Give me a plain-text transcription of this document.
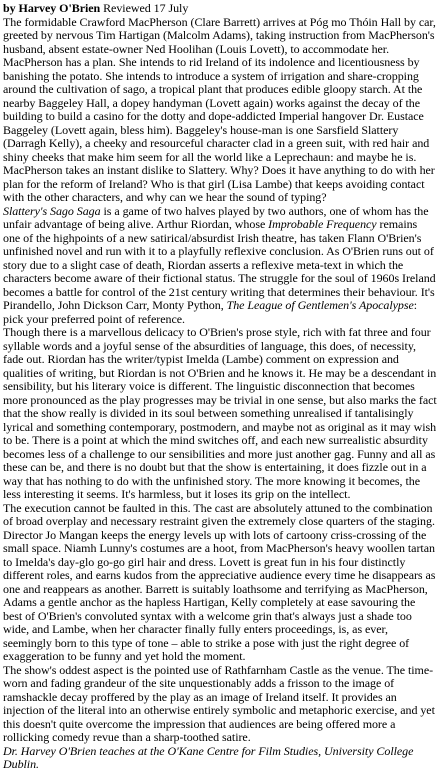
by Harvey O'Brien Reviewed 17 July

The formidable Crawford MacPherson (Clare Barrett) arrives at Póg mo Thóin Hall by car, greeted by nervous Tim Hartigan (Malcolm Adams), taking instruction from MacPherson's husband, absent estate-owner Ned Hoolihan (Louis Lovett), to accommodate her. MacPherson has a plan. She intends to rid Ireland of its indolence and licentiousness by banishing the potato. She intends to introduce a system of irrigation and share-cropping around the cultivation of sago, a tropical plant that produces edible gloopy starch. At the nearby Baggeley Hall, a dopey handyman (Lovett again) works against the decay of the building to build a casino for the dotty and dope-addicted Imperial hangover Dr. Eustace Baggeley (Lovett again, bless him). Baggeley's house-man is one Sarsfield Slattery (Darragh Kelly), a cheeky and resourceful character clad in a green suit, with red hair and shiny cheeks that make him seem for all the world like a Leprechaun: and maybe he is. MacPherson takes an instant dislike to Slattery. Why? Does it have anything to do with her plan for the reform of Ireland? Who is that girl (Lisa Lambe) that keeps avoiding contact with the other characters, and why can we hear the sound of typing?

Slattery's Sago Saga is a game of two halves played by two authors, one of whom has the unfair advantage of being alive. Arthur Riordan, whose Improbable Frequency remains one of the highpoints of a new satirical/absurdist Irish theatre, has taken Flann O'Brien's unfinished novel and run with it to a playfully reflexive conclusion. As O'Brien runs out of story due to a slight case of death, Riordan asserts a reflexive meta-text in which the characters become aware of their fictional status. The struggle for the soul of 1960s Ireland becomes a battle for control of the 21st century writing that determines their behaviour. It's Pirandello, John Dickson Carr, Monty Python, The League of Gentlemen's Apocalypse: pick your preferred point of reference.

Though there is a marvellous delicacy to O'Brien's prose style, rich with fat three and four syllable words and a joyful sense of the absurdities of language, this does, of necessity, fade out. Riordan has the writer/typist Imelda (Lambe) comment on expression and qualities of writing, but Riordan is not O'Brien and he knows it. He may be a descendant in sensibility, but his literary voice is different. The linguistic disconnection that becomes more pronounced as the play progresses may be trivial in one sense, but also marks the fact that the show really is divided in its soul between something unrealised if tantalisingly lyrical and something contemporary, postmodern, and maybe not as original as it may wish to be. There is a point at which the mind switches off, and each new surrealistic absurdity becomes less of a challenge to our sensibilities and more just another gag. Funny and all as these can be, and there is no doubt but that the show is entertaining, it does fizzle out in a way that has nothing to do with the unfinished story. The more knowing it becomes, the less interesting it seems. It's harmless, but it loses its grip on the intellect.

The execution cannot be faulted in this. The cast are absolutely attuned to the combination of broad overplay and necessary restraint given the extremely close quarters of the staging. Director Jo Mangan keeps the energy levels up with lots of cartoony criss-crossing of the small space. Niamh Lunny's costumes are a hoot, from MacPherson's heavy woollen tartan to Imelda's day-glo go-go girl hair and dress. Lovett is great fun in his four distinctly different roles, and earns kudos from the appreciative audience every time he disappears as one and reappears as another. Barrett is suitably loathsome and terrifying as MacPherson, Adams a gentle anchor as the hapless Hartigan, Kelly completely at ease savouring the best of O'Brien's convoluted syntax with a welcome grin that's always just a shade too wide, and Lambe, when her character finally fully enters proceedings, is, as ever, seemingly born to this type of tone – able to strike a pose with just the right degree of exaggeration to be funny and yet hold the moment.

The show's oddest aspect is the pointed use of Rathfarnham Castle as the venue. The time-worn and fading grandeur of the site unquestionably adds a frisson to the image of ramshackle decay proffered by the play as an image of Ireland itself. It provides an injection of the literal into an otherwise entirely symbolic and metaphoric exercise, and yet this doesn't quite overcome the impression that audiences are being offered more a rollicking comedy revue than a sharp-toothed satire.

Dr. Harvey O'Brien teaches at the O'Kane Centre for Film Studies, University College Dublin.
